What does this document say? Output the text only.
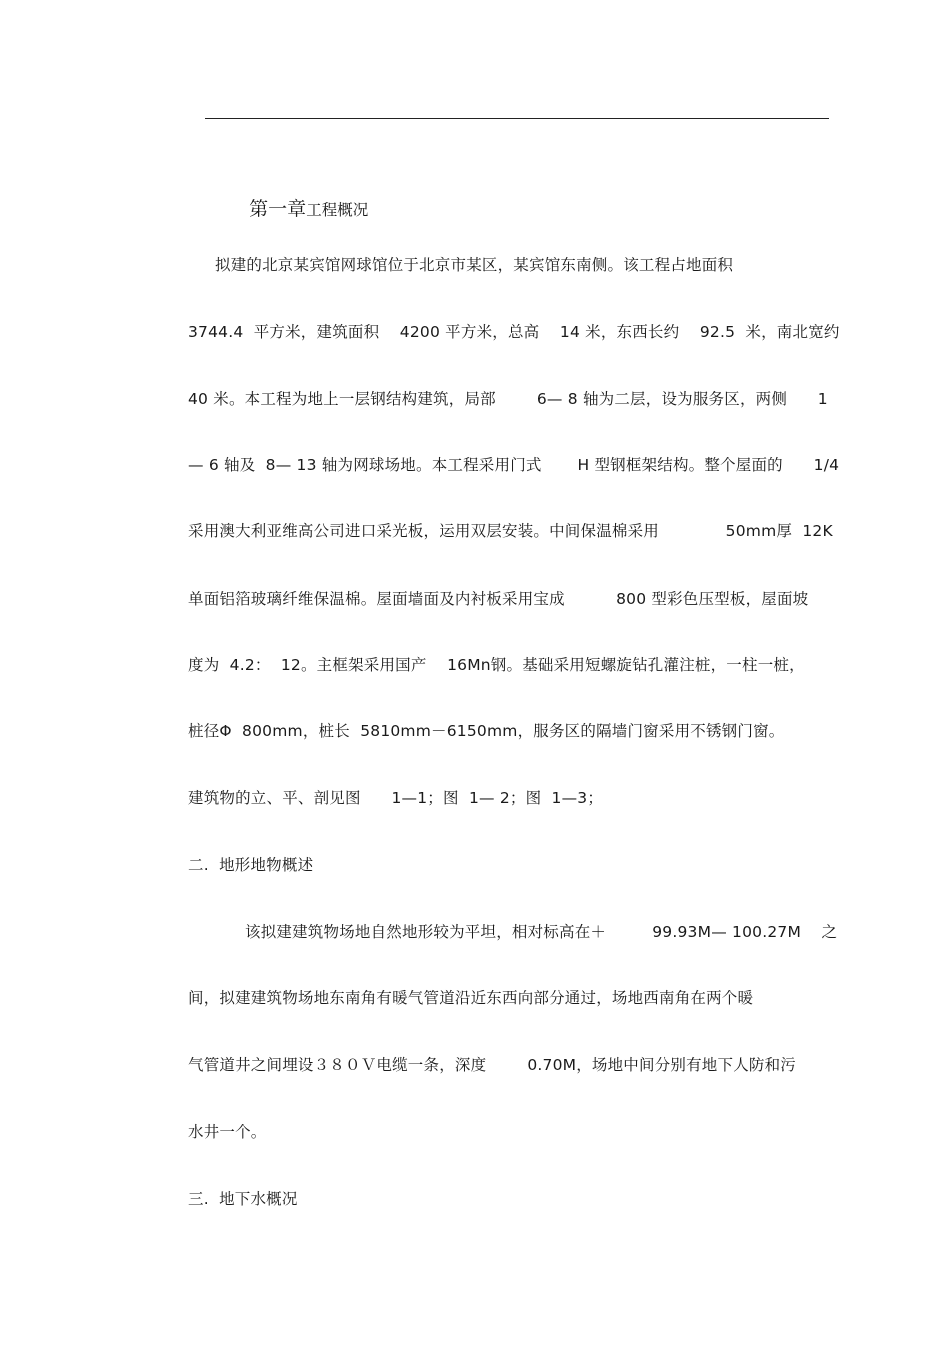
第一章工程概况

拟建的北京某宾馆网球馆位于北京市某区，某宾馆东南侧。该工程占地面积
3744.4  平方米，建筑面积    4200 平方米，总高    14 米，东西长约    92.5  米，南北宽约
40 米。本工程为地上一层钢结构建筑，局部        6— 8 轴为二层，设为服务区，两侧      1
— 6 轴及  8— 13 轴为网球场地。本工程采用门式       H 型钢框架结构。整个屋面的      1/4
采用澳大利亚维高公司进口采光板，运用双层安装。中间保温棉采用             50mm厚  12K
单面铝箔玻璃纤维保温棉。屋面墙面及内衬板采用宝成          800 型彩色压型板，屋面坡
度为  4.2：  12。主框架采用国产    16Mn钢。基础采用短螺旋钻孔灌注桩，一柱一桩，
桩径Φ  800mm，桩长  5810mm－6150mm，服务区的隔墙门窗采用不锈钢门窗。
建筑物的立、平、剖见图      1—1；图  1— 2；图  1—3；
二.  地形地物概述
该拟建建筑物场地自然地形较为平坦，相对标高在＋         99.93M— 100.27M    之
间，拟建建筑物场地东南角有暖气管道沿近东西向部分通过，场地西南角在两个暖
气管道井之间埋设３８０Ｖ电缆一条，深度        0.70M，场地中间分别有地下人防和污
水井一个。
三.  地下水概况
